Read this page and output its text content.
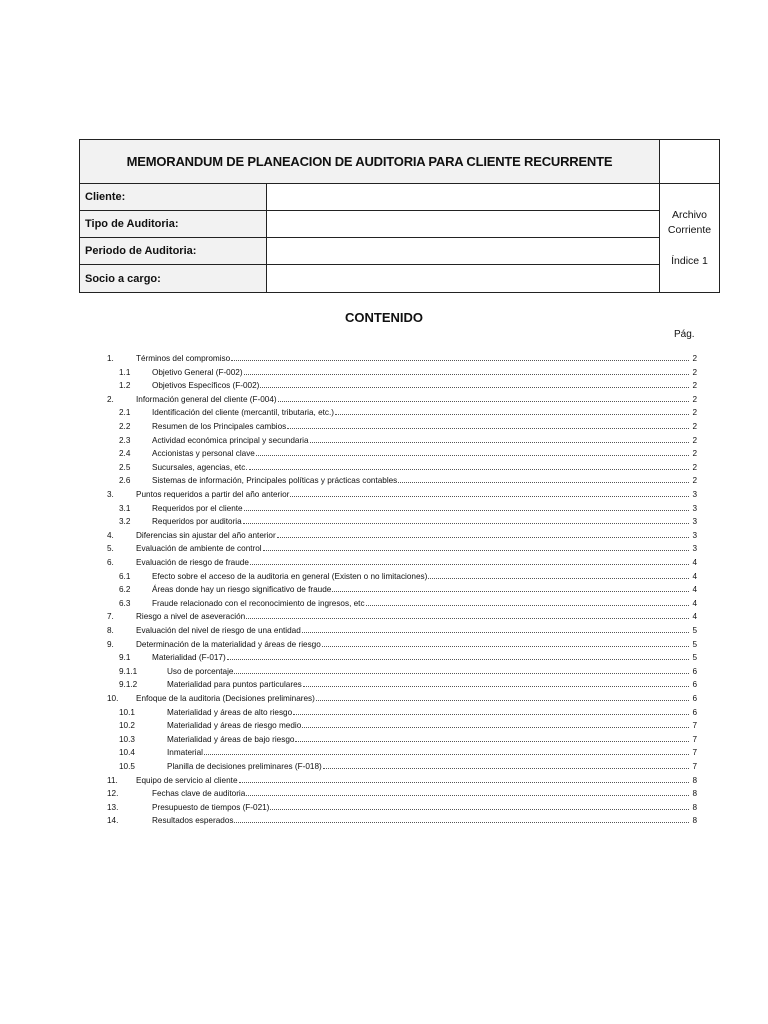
MEMORANDUM DE PLANEACION DE AUDITORIA PARA CLIENTE RECURRENTE
Cliente:
Tipo de Auditoria:
Periodo de Auditoria:
Socio a cargo:
Archivo
Corriente
Índice 1
CONTENIDO
Pág.
1.	Términos del compromiso	2
1.1	Objetivo General (F-002)	2
1.2	Objetivos Específicos (F-002)	2
2.	Información general del cliente (F-004)	2
2.1	Identificación del cliente (mercantil, tributaria, etc.)	2
2.2	Resumen de los Principales cambios	2
2.3	Actividad económica principal y secundaria	2
2.4	Accionistas y personal clave	2
2.5	Sucursales, agencias, etc.	2
2.6	Sistemas de información, Principales políticas y prácticas contables	2
3.	Puntos requeridos a partir del año anterior	3
3.1	Requeridos por el cliente	3
3.2	Requeridos por auditoria	3
4.	Diferencias sin ajustar del año anterior	3
5.	Evaluación de ambiente de control	3
6.	Evaluación de riesgo de fraude	4
6.1	Efecto sobre el acceso de la auditoria en general (Existen o no limitaciones)	4
6.2	Áreas donde hay un riesgo significativo de fraude	4
6.3	Fraude relacionado con el reconocimiento de ingresos, etc	4
7.	Riesgo a nivel de aseveración	4
8.	Evaluación del nivel de riesgo de una entidad	5
9.	Determinación de la materialidad y áreas de riesgo	5
9.1	Materialidad (F-017)	5
9.1.1	Uso de porcentaje	6
9.1.2	Materialidad para puntos particulares	6
10. Enfoque de la auditoria (Decisiones preliminares)	6
10.1	Materialidad y áreas de alto riesgo	6
10.2	Materialidad y áreas de riesgo medio	7
10.3	Materialidad y áreas de bajo riesgo	7
10.4	Inmaterial	7
10.5	Planilla de decisiones preliminares (F-018)	7
11. Equipo de servicio al cliente	8
12.	Fechas clave de auditoria	8
13.	Presupuesto de tiempos (F-021)	8
14.	Resultados esperados	8
